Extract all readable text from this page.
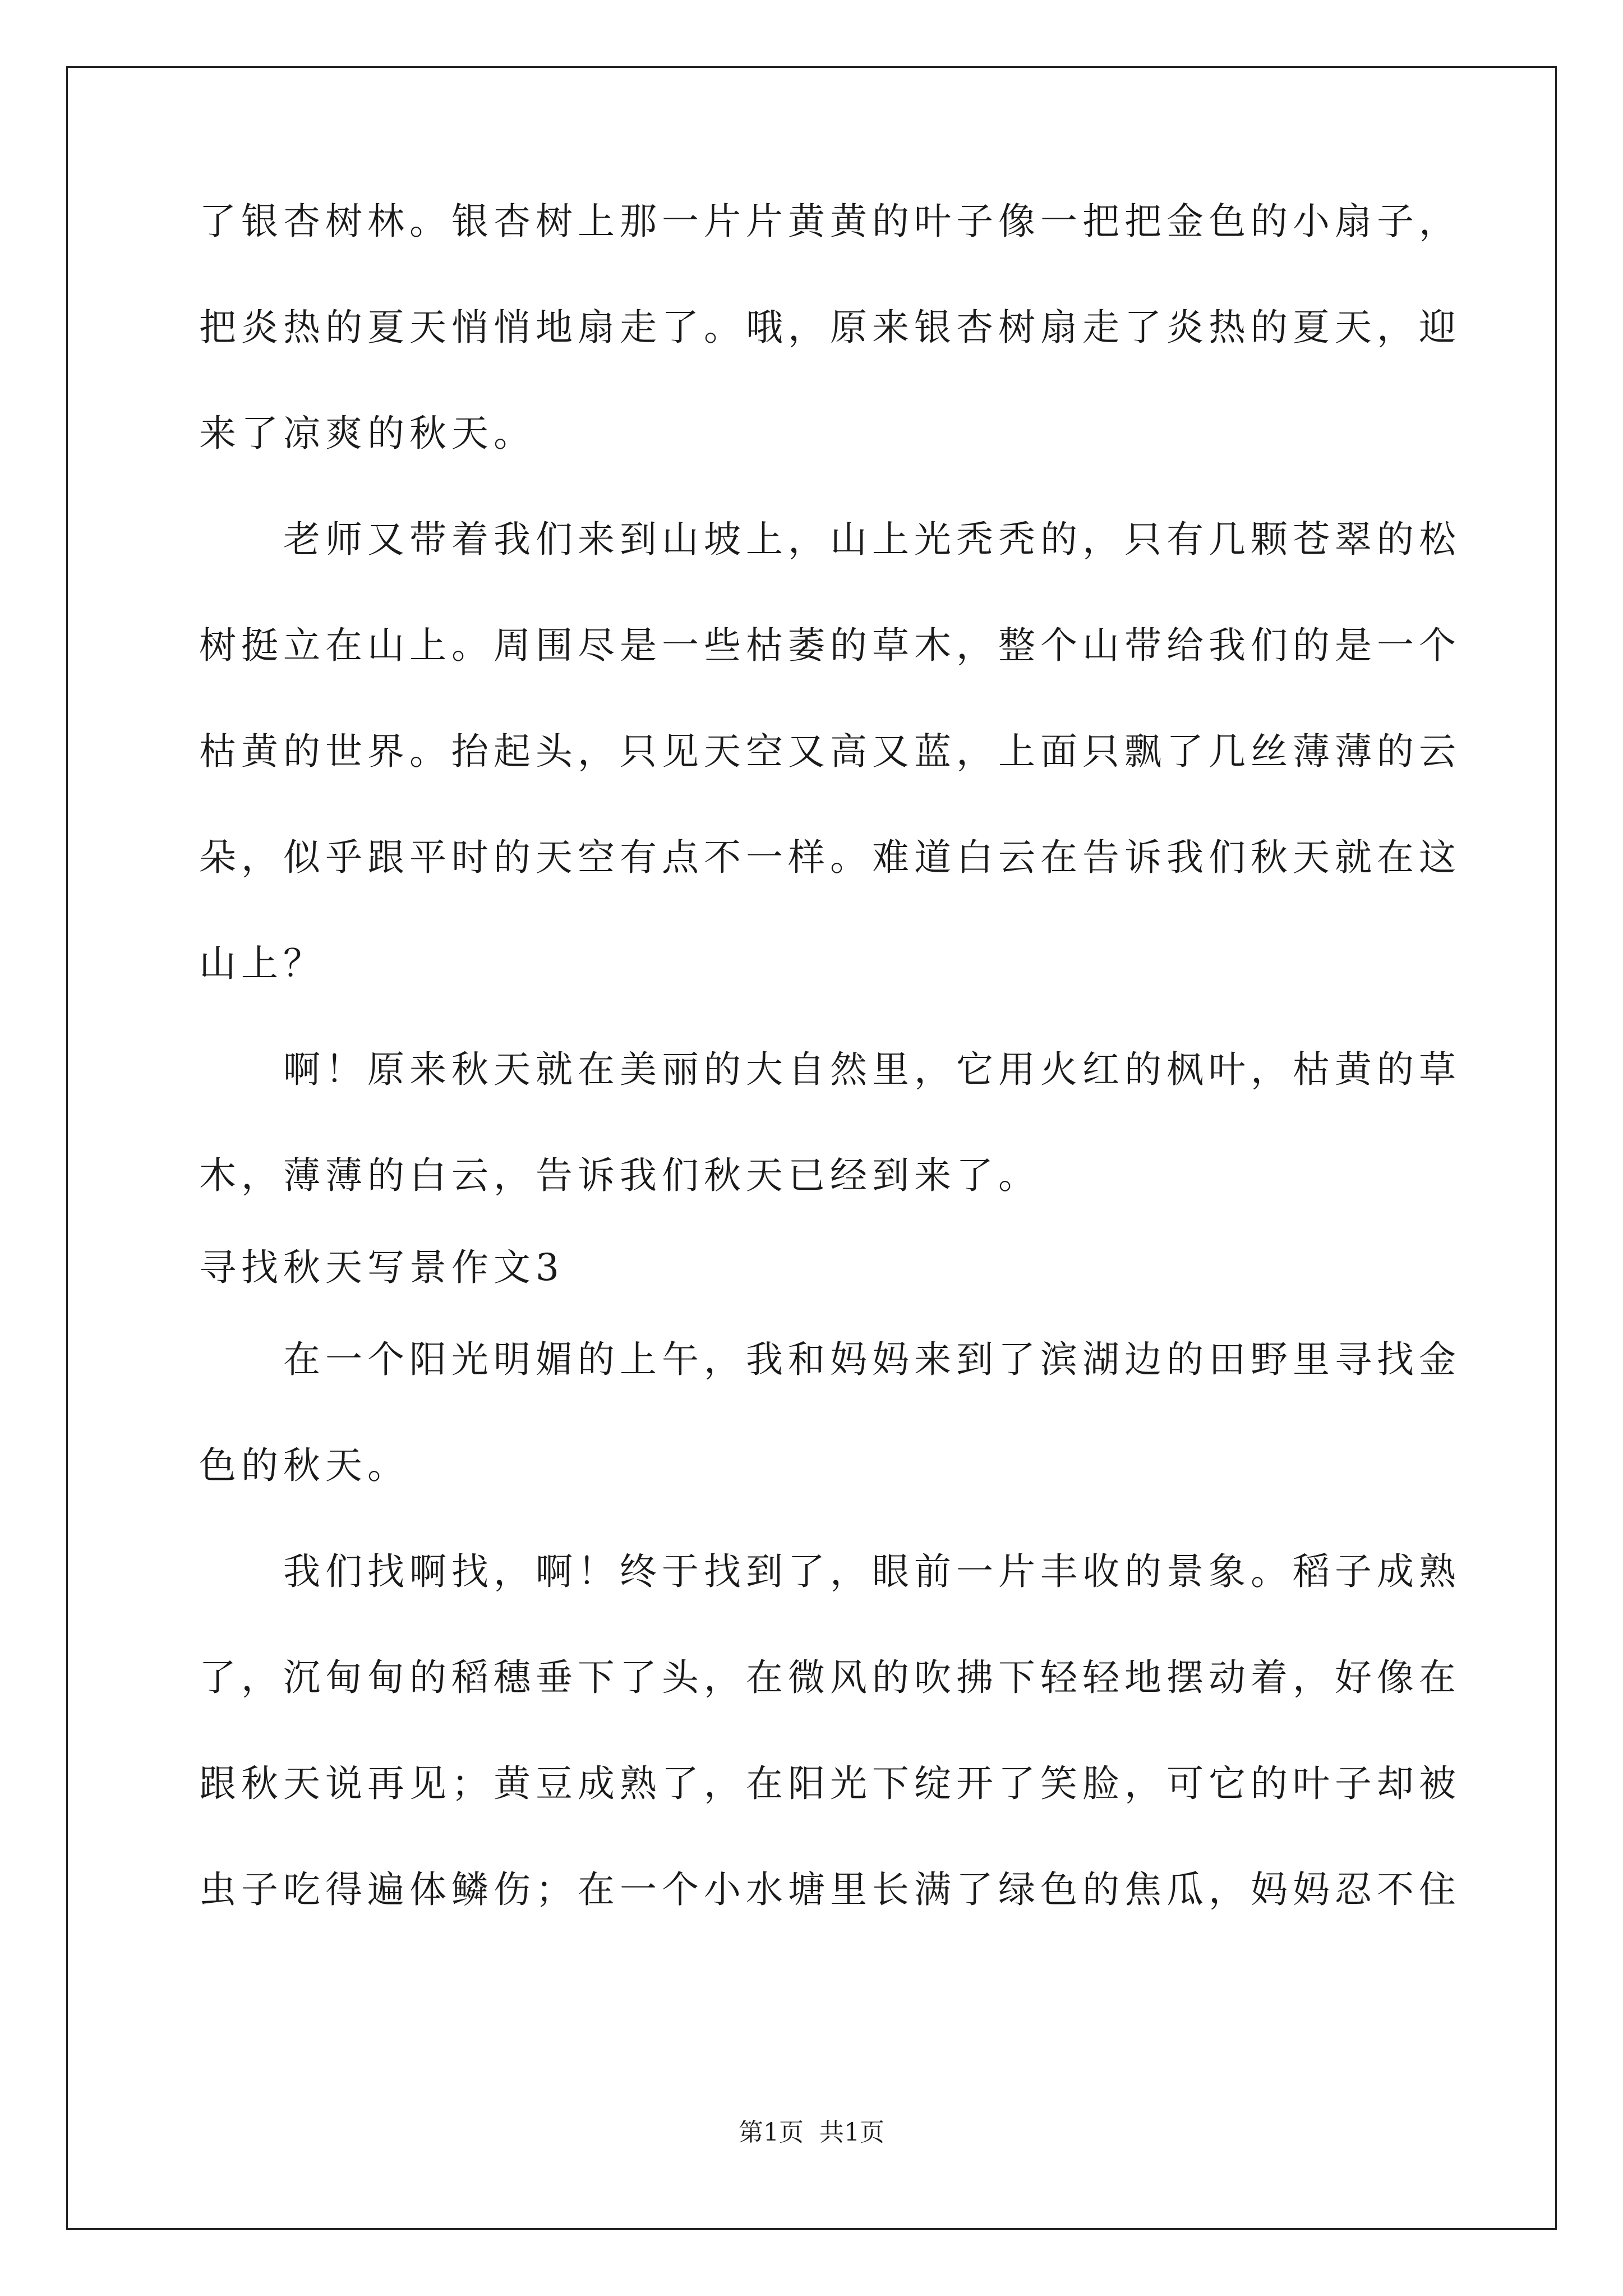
了银杏树林。银杏树上那一片片黄黄的叶子像一把把金色的小扇子，
把炎热的夏天悄悄地扇走了。哦，原来银杏树扇走了炎热的夏天，迎
来了凉爽的秋天。
老师又带着我们来到山坡上，山上光秃秃的，只有几颗苍翠的松
树挺立在山上。周围尽是一些枯萎的草木，整个山带给我们的是一个
枯黄的世界。抬起头，只见天空又高又蓝，上面只飘了几丝薄薄的云
朵，似乎跟平时的天空有点不一样。难道白云在告诉我们秋天就在这
山上？
啊！原来秋天就在美丽的大自然里，它用火红的枫叶，枯黄的草
木，薄薄的白云，告诉我们秋天已经到来了。
寻找秋天写景作文3
在一个阳光明媚的上午，我和妈妈来到了滨湖边的田野里寻找金
色的秋天。
我们找啊找，啊！终于找到了，眼前一片丰收的景象。稻子成熟
了，沉甸甸的稻穗垂下了头，在微风的吹拂下轻轻地摆动着，好像在
跟秋天说再见；黄豆成熟了，在阳光下绽开了笑脸，可它的叶子却被
虫子吃得遍体鳞伤；在一个小水塘里长满了绿色的焦瓜，妈妈忍不住
第1页  共1页
